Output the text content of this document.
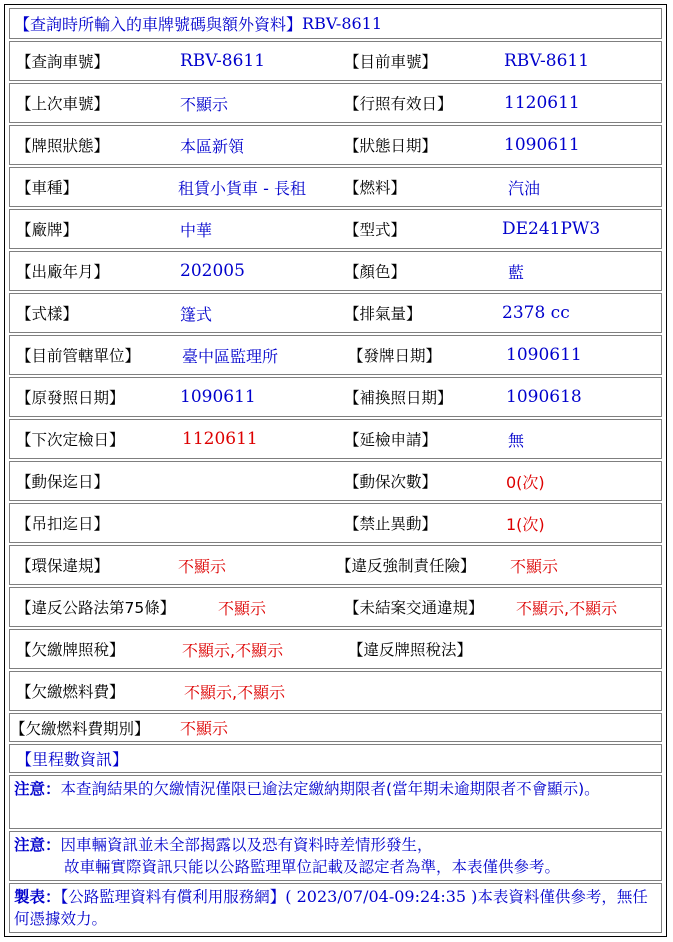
【查詢時所輸入的車牌號碼與額外資料】 RBV-8611
【查詢車號】	RBV-8611	【目前車號】	RBV-8611
【上次車號】	不顯示	【行照有效日】	1120611
【牌照狀態】	本區新領	【狀態日期】	1090611
【車種】	租賃小貨車 - 長租 【燃料】	汽油
【廠牌】	中華	【型式】	DE241PW3
【出廠年月】	202005	【顏色】	藍
【式樣】	篷式	【排氣量】	2378 cc
【目前管轄單位】	臺中區監理所	【發牌日期】	1090611
【原發照日期】	1090611	【補換照日期】	1090618
【下次定檢日】	1120611	【延檢申請】	無
【動保迄日】	【動保次數】	0(次)
【吊扣迄日】	【禁止異動】	1(次)
【環保違規】	不顯示	【違反強制責任險】 不顯示
【違反公路法第75條】	不顯示	【未結案交通違規】 不顯示,不顯示
【欠繳牌照稅】	不顯示,不顯示	【違反牌照稅法】
【欠繳燃料費】	不顯示,不顯示
【欠繳燃料費期別】 不顯示
【里程數資訊】
注意：本查詢結果的欠繳情況僅限已逾法定繳納期限者(當年期未逾期限者不會顯示)。
注意：因車輛資訊並未全部揭露以及恐有資料時差情形發生，
故車輛實際資訊只能以公路監理單位記載及認定者為準，本表僅供參考。
製表：【公路監理資料有償利用服務網】( 2023/07/04-09:24:35 )本表資料僅供參考，無任何憑據效力。
